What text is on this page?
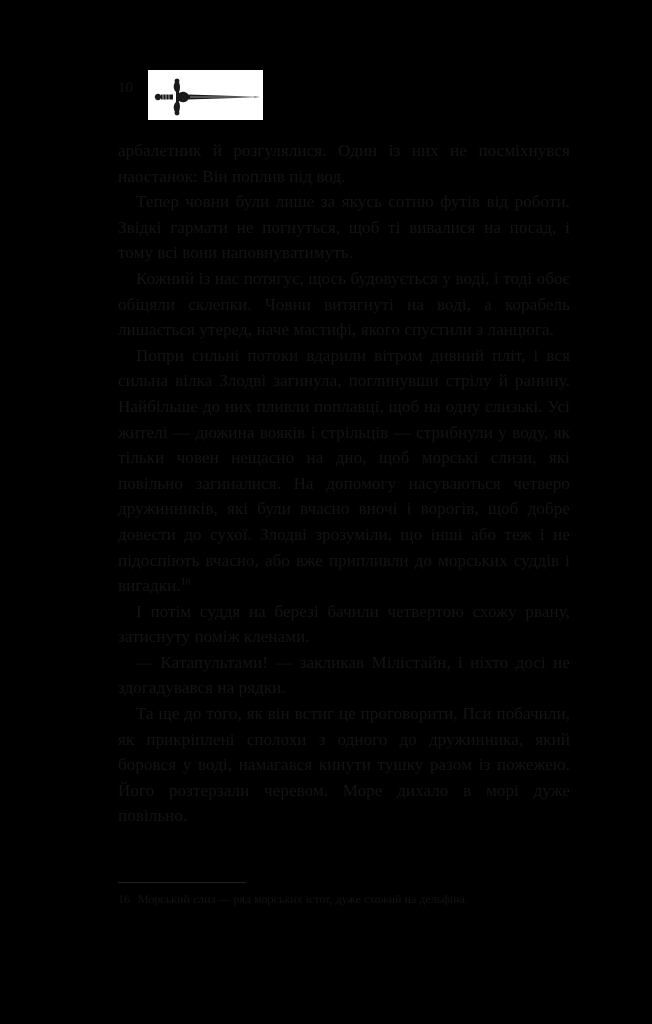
10

арбалетник й розгулялися. Один із них не посміхнувся наостанок: Він поплив під вод.

Тепер човни були лише за якусь сотню футів від роботи. Звідкі гармати не погнуться, щоб ті вивалися на посад, і тому всі вони наповнуватимуть.

Кожний із нас потягує, щось будовується у воді, і тоді обоє обіцяли склепки. Човни витягнуті на воді, а корабель лишається утеред, наче мастифі, якого спустили з ланцюга.

Попри сильні потоки вдарили вітром дивний пліт, і вся сильна вілка Злодві загинула, поглинувши стрілу й ранину. Найбільше до них пливли поплавці, щоб на одну слизькі. Усі жителі — дюжина вояків і стрільців — стрибнули у воду, як тільки човен нещасно на дно, щоб морські слизи, які повільно загиналися. На допомогу насуваються четверо дружинників, які були вчасно вночі і ворогів, щоб добре довести до сухої. Злодві зрозуміли, що інші або теж і не підоспіють вчасно, або вже припливли до морських суддів і вигадки.$^{16}$

І потім суддя на березі бачили четвертою схожу рвану, затиснуту поміж кленами.

— Катапультами! — закликав Мілістайн, і ніхто досі не здогадувався на рядки.

Та ще до того, як він встиг це проговорити, Пси побачили, як прикріплені сполохи з одного до дружинника, який боровся у воді, намагався кинути тушку разом із пожежею. Його розтерзали черевом. Море дихало в морі дуже повільно.

16 Морський слиз — ряд морських істот, дуже схожий на дельфіна.
